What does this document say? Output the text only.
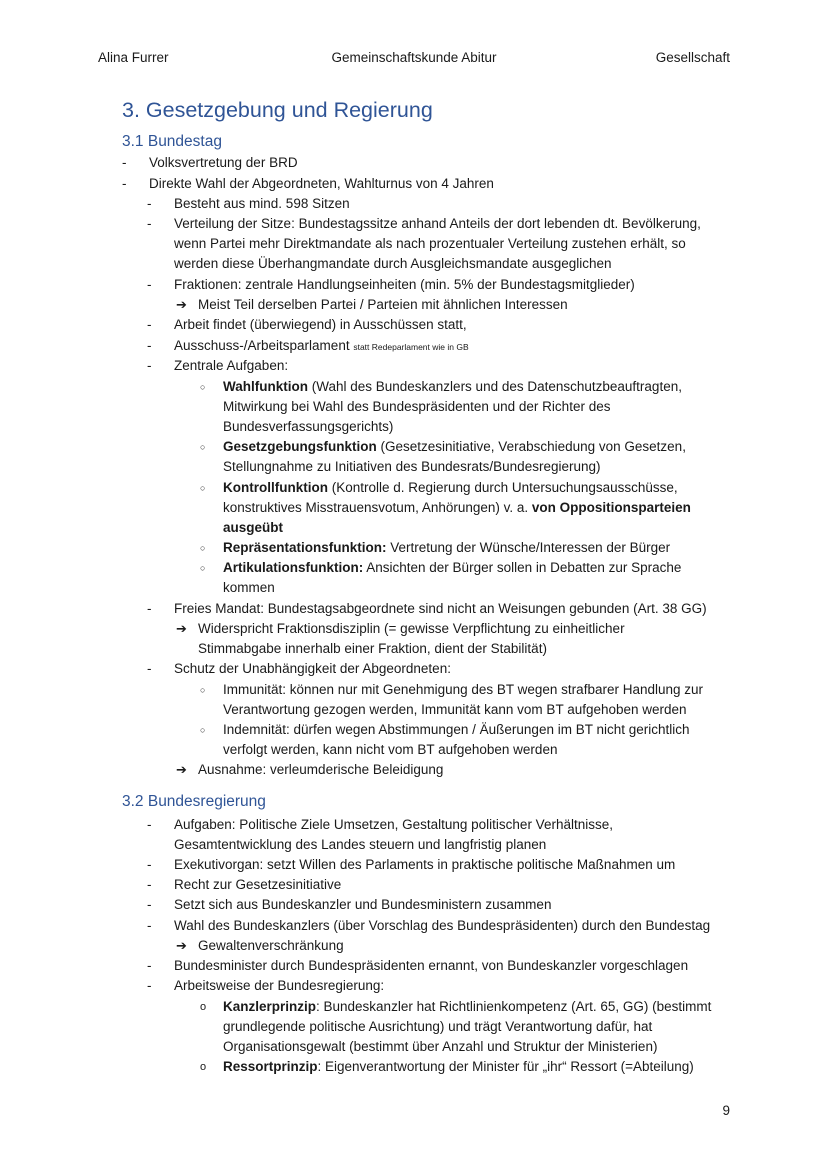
Alina Furrer	Gemeinschaftskunde Abitur	Gesellschaft
3. Gesetzgebung und Regierung
3.1 Bundestag
- Volksvertretung der BRD
- Direkte Wahl der Abgeordneten, Wahlturnus von 4 Jahren
- Besteht aus mind. 598 Sitzen
- Verteilung der Sitze: Bundestagssitze anhand Anteils der dort lebenden dt. Bevölkerung,
wenn Partei mehr Direktmandate als nach prozentualer Verteilung zustehen erhält, so
werden diese Überhangmandate durch Ausgleichsmandate ausgeglichen
- Fraktionen: zentrale Handlungseinheiten (min. 5% der Bundestagsmitglieder)
➔ Meist Teil derselben Partei / Parteien mit ähnlichen Interessen
- Arbeit findet (überwiegend) in Ausschüssen statt,
- Ausschuss-/Arbeitsparlament statt Redeparlament wie in GB
- Zentrale Aufgaben:
○ Wahlfunktion (Wahl des Bundeskanzlers und des Datenschutzbeauftragten,
Mitwirkung bei Wahl des Bundespräsidenten und der Richter des
Bundesverfassungsgerichts)
○ Gesetzgebungsfunktion (Gesetzesinitiative, Verabschiedung von Gesetzen,
Stellungnahme zu Initiativen des Bundesrats/Bundesregierung)
○ Kontrollfunktion (Kontrolle d. Regierung durch Untersuchungsausschüsse,
konstruktives Misstrauensvotum, Anhörungen) v. a. von Oppositionsparteien
ausgeübt
○ Repräsentationsfunktion: Vertretung der Wünsche/Interessen der Bürger
○ Artikulationsfunktion: Ansichten der Bürger sollen in Debatten zur Sprache
kommen
- Freies Mandat: Bundestagsabgeordnete sind nicht an Weisungen gebunden (Art. 38 GG)
➔ Widerspricht Fraktionsdisziplin (= gewisse Verpflichtung zu einheitlicher
Stimmabgabe innerhalb einer Fraktion, dient der Stabilität)
- Schutz der Unabhängigkeit der Abgeordneten:
○ Immunität: können nur mit Genehmigung des BT wegen strafbarer Handlung zur
Verantwortung gezogen werden, Immunität kann vom BT aufgehoben werden
○ Indemnität: dürfen wegen Abstimmungen / Äußerungen im BT nicht gerichtlich
verfolgt werden, kann nicht vom BT aufgehoben werden
➔ Ausnahme: verleumderische Beleidigung
3.2 Bundesregierung
- Aufgaben: Politische Ziele Umsetzen, Gestaltung politischer Verhältnisse,
Gesamtentwicklung des Landes steuern und langfristig planen
- Exekutivorgan: setzt Willen des Parlaments in praktische politische Maßnahmen um
- Recht zur Gesetzesinitiative
- Setzt sich aus Bundeskanzler und Bundesministern zusammen
- Wahl des Bundeskanzlers (über Vorschlag des Bundespräsidenten) durch den Bundestag
➔ Gewaltenverschränkung
- Bundesminister durch Bundespräsidenten ernannt, von Bundeskanzler vorgeschlagen
- Arbeitsweise der Bundesregierung:
o Kanzlerprinzip: Bundeskanzler hat Richtlinienkompetenz (Art. 65, GG) (bestimmt
grundlegende politische Ausrichtung) und trägt Verantwortung dafür, hat
Organisationsgewalt (bestimmt über Anzahl und Struktur der Ministerien)
o Ressortprinzip: Eigenverantwortung der Minister für „ihr“ Ressort (=Abteilung)
9
